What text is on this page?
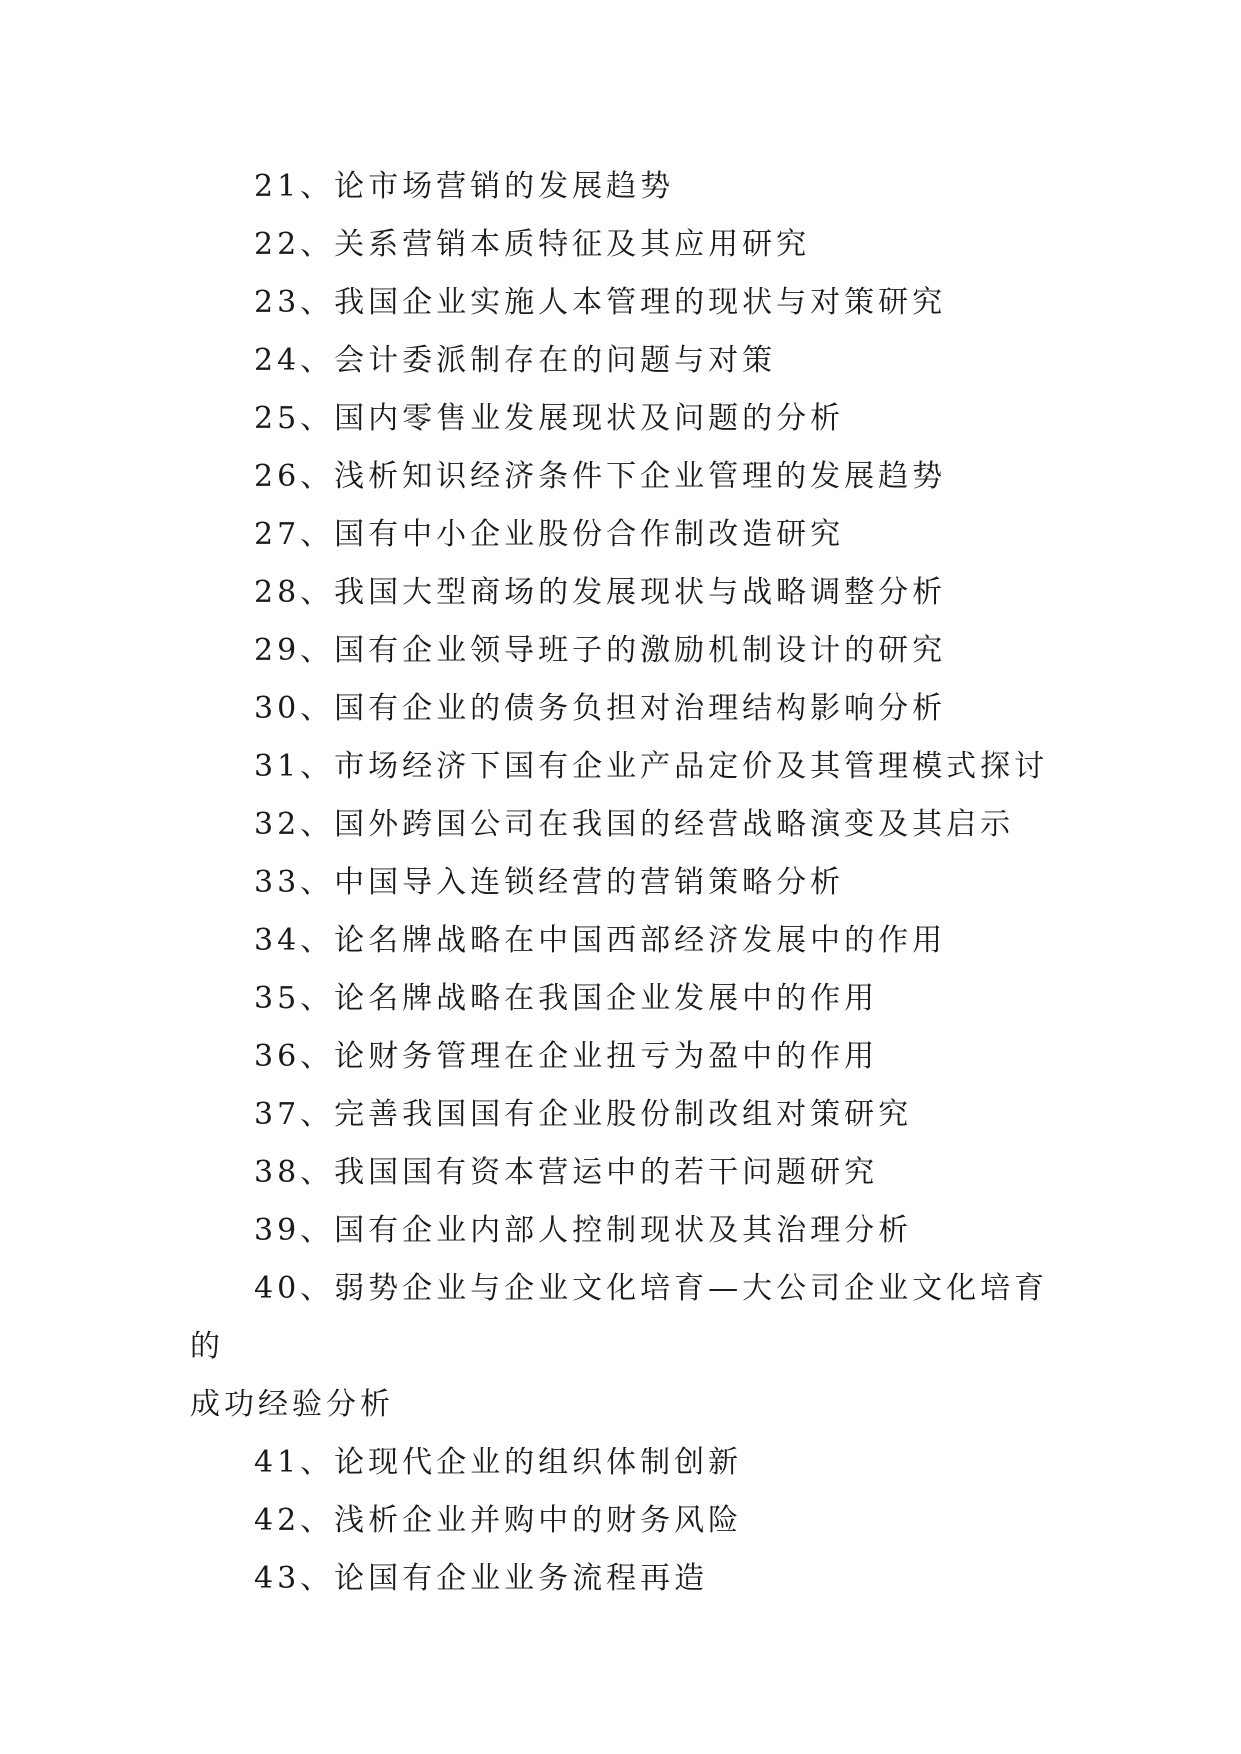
21、论市场营销的发展趋势
22、关系营销本质特征及其应用研究
23、我国企业实施人本管理的现状与对策研究
24、会计委派制存在的问题与对策
25、国内零售业发展现状及问题的分析
26、浅析知识经济条件下企业管理的发展趋势
27、国有中小企业股份合作制改造研究
28、我国大型商场的发展现状与战略调整分析
29、国有企业领导班子的激励机制设计的研究
30、国有企业的债务负担对治理结构影响分析
31、市场经济下国有企业产品定价及其管理模式探讨
32、国外跨国公司在我国的经营战略演变及其启示
33、中国导入连锁经营的营销策略分析
34、论名牌战略在中国西部经济发展中的作用
35、论名牌战略在我国企业发展中的作用
36、论财务管理在企业扭亏为盈中的作用
37、完善我国国有企业股份制改组对策研究
38、我国国有资本营运中的若干问题研究
39、国有企业内部人控制现状及其治理分析
40、弱势企业与企业文化培育—大公司企业文化培育的
成功经验分析
41、论现代企业的组织体制创新
42、浅析企业并购中的财务风险
43、论国有企业业务流程再造
